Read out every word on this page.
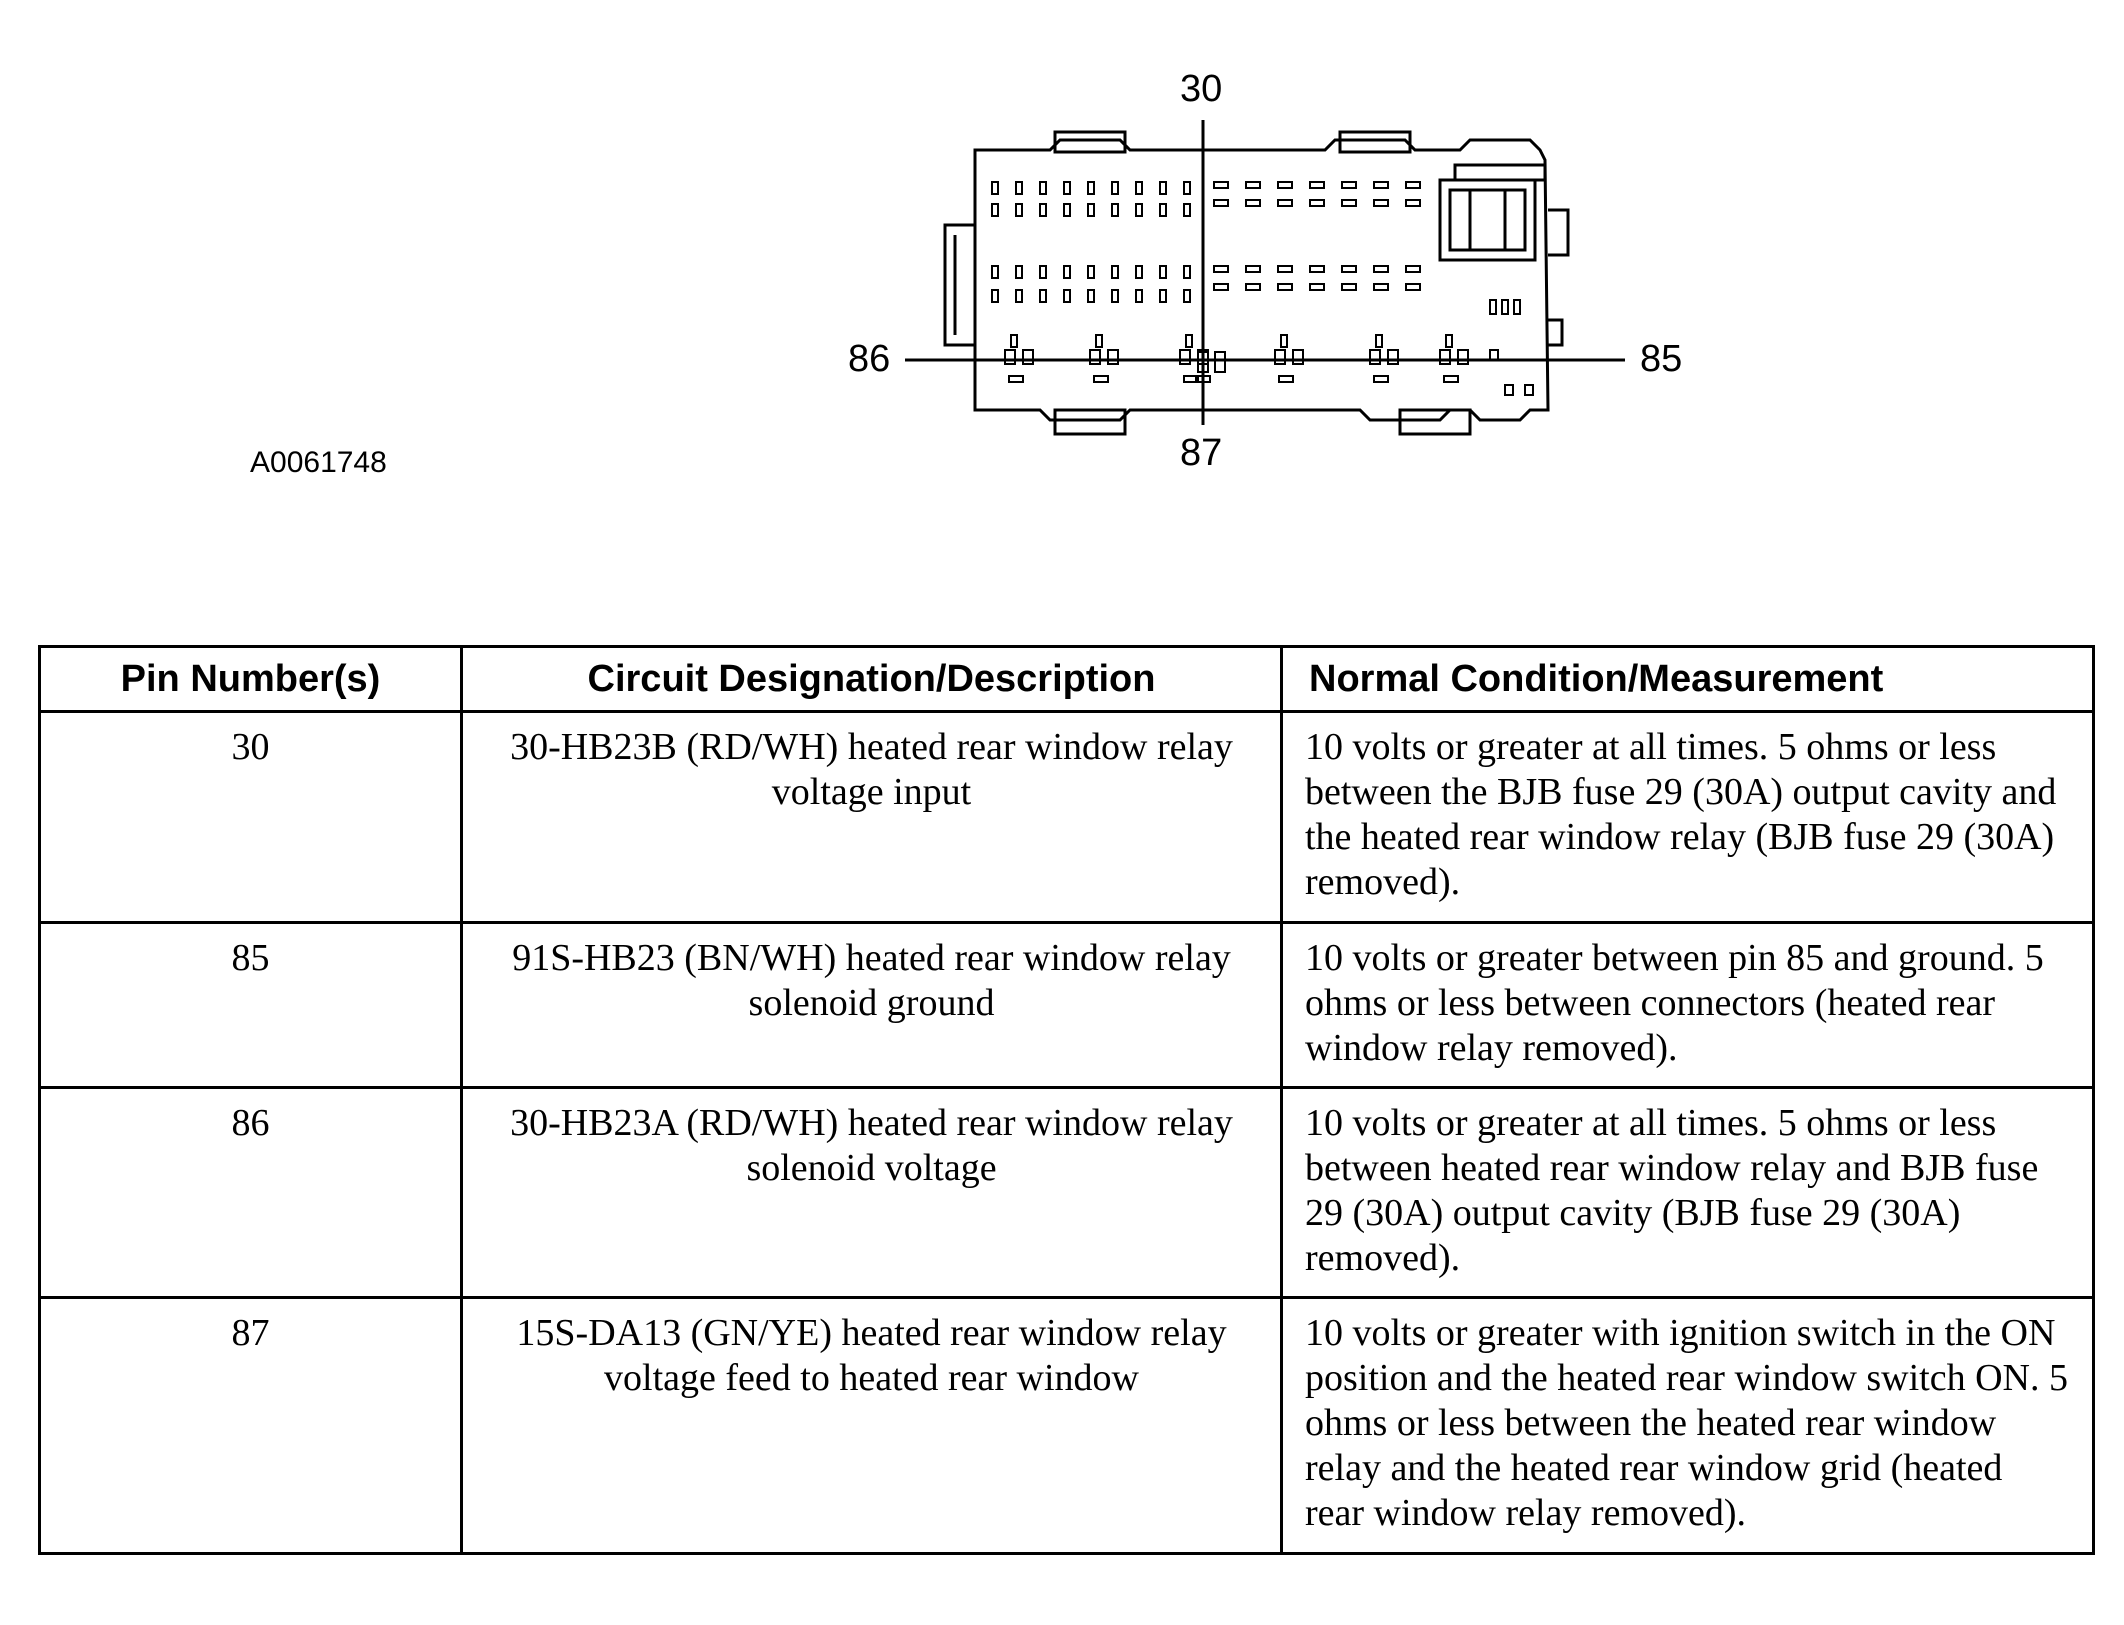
30
87
86	85
A0061748
Pin Number(s)	Circuit Designation/Description	Normal Condition/Measurement
30	30-HB23B (RD/WH) heated rear window relay voltage input	10 volts or greater at all times. 5 ohms or less between the BJB fuse 29 (30A) output cavity and the heated rear window relay (BJB fuse 29 (30A) removed).
85	91S-HB23 (BN/WH) heated rear window relay solenoid ground	10 volts or greater between pin 85 and ground. 5 ohms or less between connectors (heated rear window relay removed).
86	30-HB23A (RD/WH) heated rear window relay solenoid voltage	10 volts or greater at all times. 5 ohms or less between heated rear window relay and BJB fuse 29 (30A) output cavity (BJB fuse 29 (30A) removed).
87	15S-DA13 (GN/YE) heated rear window relay voltage feed to heated rear window	10 volts or greater with ignition switch in the ON position and the heated rear window switch ON. 5 ohms or less between the heated rear window relay and the heated rear window grid (heated rear window relay removed).
